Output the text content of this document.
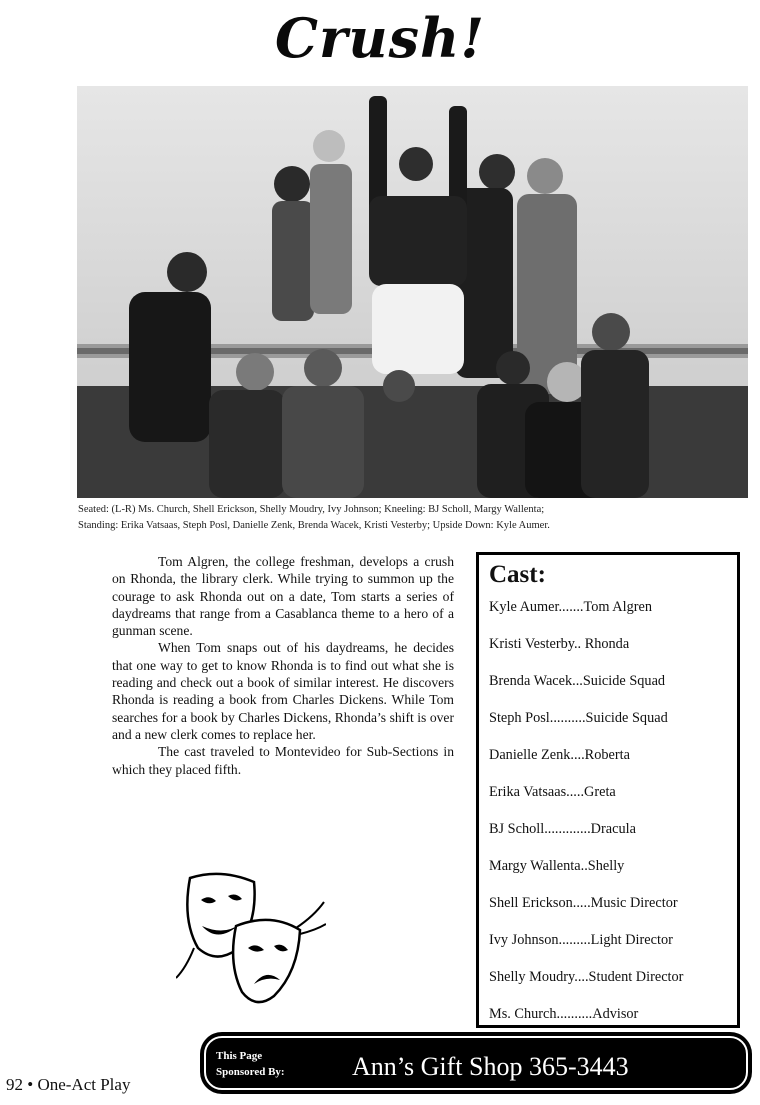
Crush!
Seated: (L-R) Ms. Church, Shell Erickson, Shelly Moudry, Ivy Johnson; Kneeling: BJ Scholl, Margy Wallenta;
Standing: Erika Vatsaas, Steph Posl, Danielle Zenk, Brenda Wacek, Kristi Vesterby; Upside Down: Kyle Aumer.

Tom Algren, the college freshman, develops a crush on Rhonda, the library clerk. While trying to summon up the courage to ask Rhonda out on a date, Tom starts a series of daydreams that range from a Casablanca theme to a hero of a gunman scene.

When Tom snaps out of his daydreams, he decides that one way to get to know Rhonda is to find out what she is reading and check out a book of similar interest. He discovers Rhonda is reading a book from Charles Dickens. While Tom searches for a book by Charles Dickens, Rhonda’s shift is over and a new clerk comes to replace her.

The cast traveled to Montevideo for Sub-Sections in which they placed fifth.

Cast:
Kyle Aumer.......Tom Algren
Kristi Vesterby.. Rhonda
Brenda Wacek...Suicide Squad
Steph Posl..........Suicide Squad
Danielle Zenk....Roberta
Erika Vatsaas.....Greta
BJ Scholl.............Dracula
Margy Wallenta..Shelly
Shell Erickson.....Music Director
Ivy Johnson.........Light Director
Shelly Moudry....Student Director
Ms. Church..........Advisor
This Page
Sponsored By:	Ann’s Gift Shop 365-3443
92 • One-Act Play
